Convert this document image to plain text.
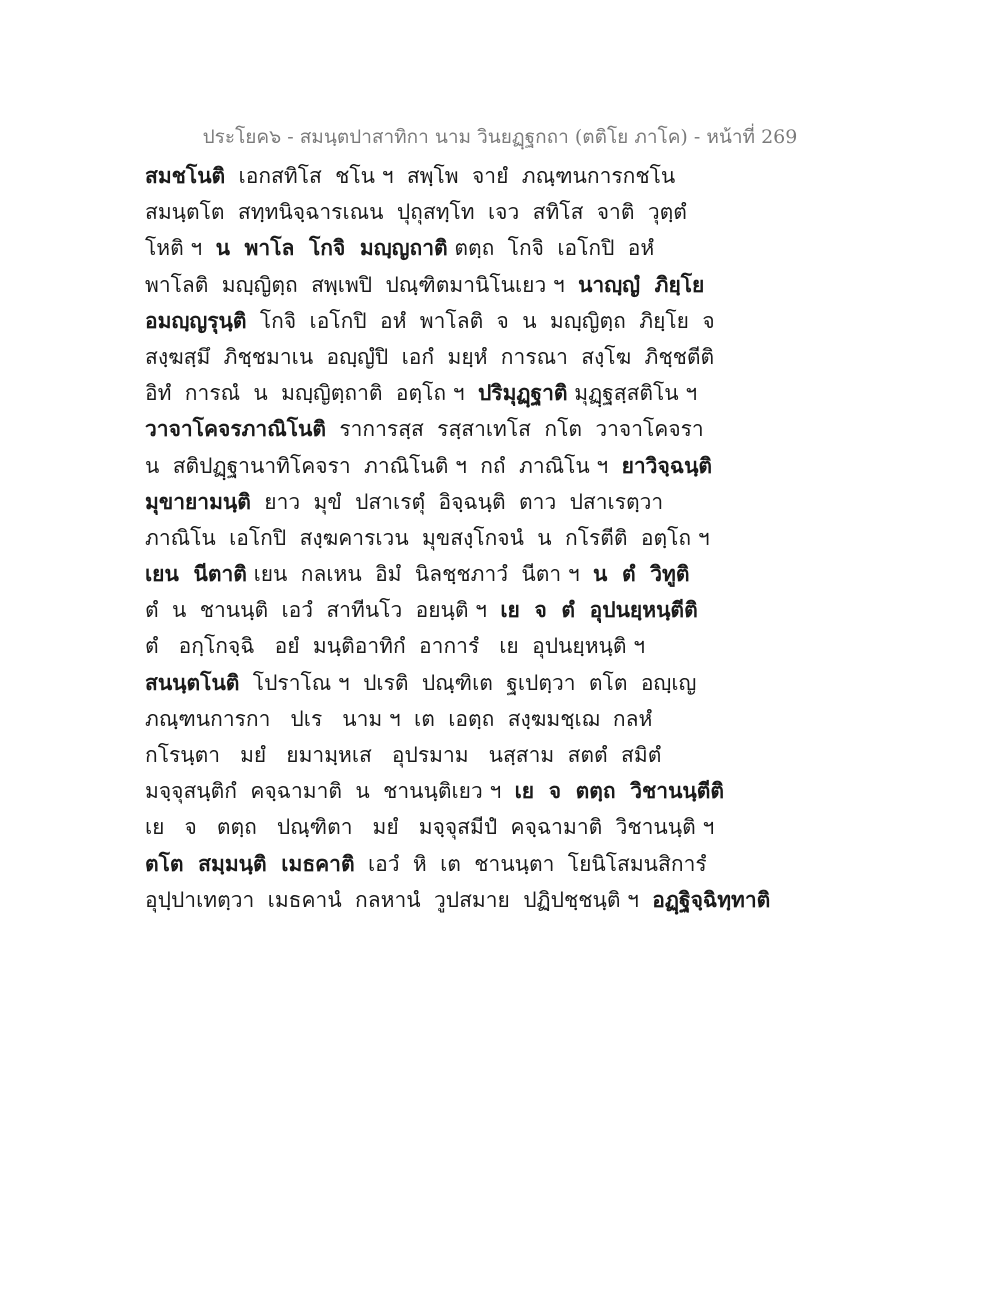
ประโยค๖ - สมนฺตปาสาทิกา นาม วินยฏฺฐกถา (ตติโย ภาโค) - หน้าที่ 269
สมชโนติ  เอกสทิโส  ชโน ฯ  สพฺโพ  จายํ  ภณฺฑนการกชโน
สมนฺตโต  สทฺทนิจฺฉารเณน  ปุถุสทฺโท  เจว  สทิโส  จาติ  วุตฺตํ
โหติ ฯ  น  พาโล  โกจิ  มญฺญถาติ ตตฺถ  โกจิ  เอโกปิ  อหํ
พาโลติ  มญฺญิตฺถ  สพฺเพปิ  ปณฺฑิตมานิโนเยว ฯ  นาญฺญํ  ภิยฺโย
อมญฺญรุนฺติ  โกจิ  เอโกปิ  อหํ  พาโลติ  จ  น  มญฺญิตฺถ  ภิยฺโย  จ
สงฺฆสฺมึ  ภิชฺชมาเน  อญฺญํปิ  เอกํ  มยฺหํ  การณา  สงฺโฆ  ภิชฺชตีติ
อิทํ  การณํ  น  มญฺญิตฺถาติ  อตฺโถ ฯ  ปริมุฏฺฐาติ มุฏฺฐสฺสติโน ฯ
วาจาโคจรภาณิโนติ  ราการสฺส  รสฺสาเทโส  กโต  วาจาโคจรา
น  สติปฏฺฐานาทิโคจรา  ภาณิโนติ ฯ  กถํ  ภาณิโน ฯ  ยาวิจฺฉนฺติ
มุขายามนฺติ  ยาว  มุขํ  ปสาเรตุํ  อิจฺฉนฺติ  ตาว  ปสาเรตฺวา
ภาณิโน  เอโกปิ  สงฺฆคารเวน  มุขสงฺโกจนํ  น  กโรตีติ  อตฺโถ ฯ
เยน  นีตาติ เยน  กลเหน  อิมํ  นิลชฺชภาวํ  นีตา ฯ  น  ตํ  วิทูติ
ตํ  น  ชานนฺติ  เอวํ  สาทีนโว  อยนฺติ ฯ  เย  จ  ตํ  อุปนยฺหนฺตีติ
ตํ   อกฺโกจฺฉิ   อยํ  มนฺติอาทิกํ  อาการํ   เย  อุปนยฺหนฺติ ฯ
สนนฺตโนติ  โปราโณ ฯ  ปเรติ  ปณฺฑิเต  ฐเปตฺวา  ตโต  อญฺเญ
ภณฺฑนการกา   ปเร   นาม ฯ  เต  เอตฺถ  สงฺฆมชฺเฌ  กลหํ
กโรนฺตา   มยํ   ยมามฺหเส   อุปรมาม   นสฺสาม  สตตํ  สมิตํ
มจฺจุสนฺติกํ  คจฺฉามาติ  น  ชานนฺติเยว ฯ  เย  จ  ตตฺถ  วิชานนฺตีติ
เย   จ   ตตฺถ   ปณฺฑิตา   มยํ   มจฺจุสมีปํ  คจฺฉามาติ  วิชานนฺติ ฯ
ตโต  สมฺมนฺติ  เมธคาติ  เอวํ  หิ  เต  ชานนฺตา  โยนิโสมนสิการํ
อุปฺปาเทตฺวา  เมธคานํ  กลหานํ  วูปสมาย  ปฏิปชฺชนฺติ ฯ  อฏฺฐิจฺฉิทฺทาติ
